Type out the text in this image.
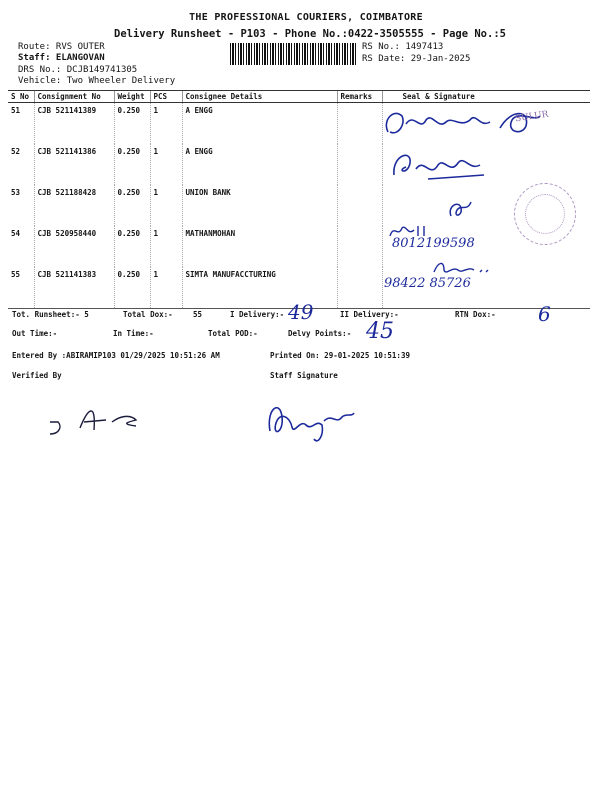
THE PROFESSIONAL COURIERS, COIMBATORE
Delivery Runsheet - P103 - Phone No.:0422-3505555 - Page No.:5
Route: RVS OUTER
Staff: ELANGOVAN
DRS No.: DCJB149741305
Vehicle: Two Wheeler Delivery
RS No.: 1497413
RS Date: 29-Jan-2025
S No	Consignment No	Weight	PCS	Consignee Details	Remarks	Seal & Signature
51	CJB 521141389	0.250	1	A ENGG		
52	CJB 521141386	0.250	1	A ENGG		
53	CJB 521188428	0.250	1	UNION BANK		
54	CJB 520958440	0.250	1	MATHANMOHAN		
55	CJB 521141383	0.250	1	SIMTA MANUFACCTURING		
SULUR
8012199598
98422 85726
Tot. Runsheet:- 5	Total Dox:-	55	I Delivery:- 49	II Delivery:-	RTN Dox:- 6
Out Time:-	In Time:-	Total POD:-	Delvy Points:- 45
Entered By :ABIRAMIP103 01/29/2025 10:51:26 AM	Printed On: 29-01-2025 10:51:39
Verified By	Staff Signature
